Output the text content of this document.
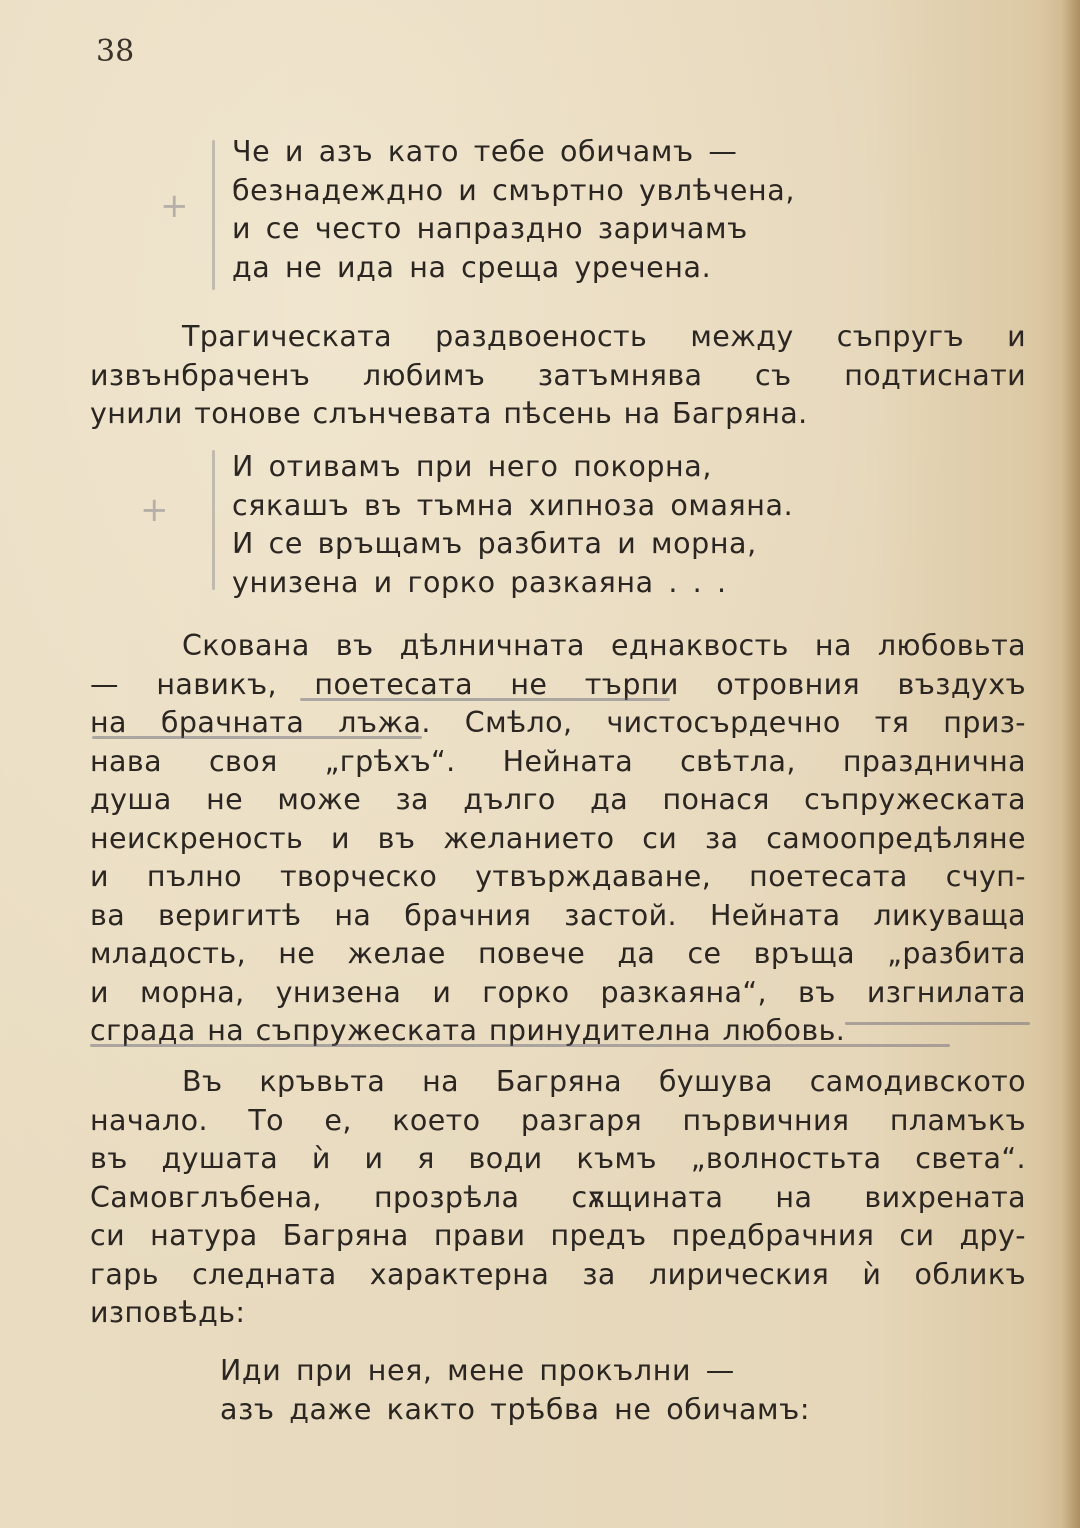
38
+
Че и азъ като тебе обичамъ —
безнадеждно и смъртно увлѣчена,
и се често напраздно заричамъ
да не ида на среща уречена.
Трагическата раздвоеность между съпругъ и
извънбраченъ любимъ затъмнява съ подтиснати
унили тонове слънчевата пѣсень на Багряна.
+
И отивамъ при него покорна,
сякашъ въ тъмна хипноза омаяна.
И се връщамъ разбита и морна,
унизена и горко разкаяна . . .
Скована въ дѣлничната еднаквость на любовьта
— навикъ, поетесата не търпи отровния въздухъ
на брачната лъжа. Смѣло, чистосърдечно тя приз-
нава своя „грѣхъ“. Нейната свѣтла, празднична
душа не може за дълго да понася съпружеската
неискреность и въ желанието си за самоопредѣляне
и пълно творческо утвърждаване, поетесата счуп-
ва веригитѣ на брачния застой. Нейната ликуваща
младость, не желае повече да се връща „разбита
и морна, унизена и горко разкаяна“, въ изгнилата
сграда на съпружеската принудителна любовь.
Въ кръвьта на Багряна бушува самодивското
начало. То е, което разгаря първичния пламъкъ
въ душата ѝ и я води къмъ „волностьта света“.
Самовглъбена, прозрѣла сѫщината на вихрената
си натура Багряна прави предъ предбрачния си дру-
гарь следната характерна за лирическия ѝ обликъ
изповѣдь:
Иди при нея, мене прокълни —
азъ даже както трѣбва не обичамъ:
